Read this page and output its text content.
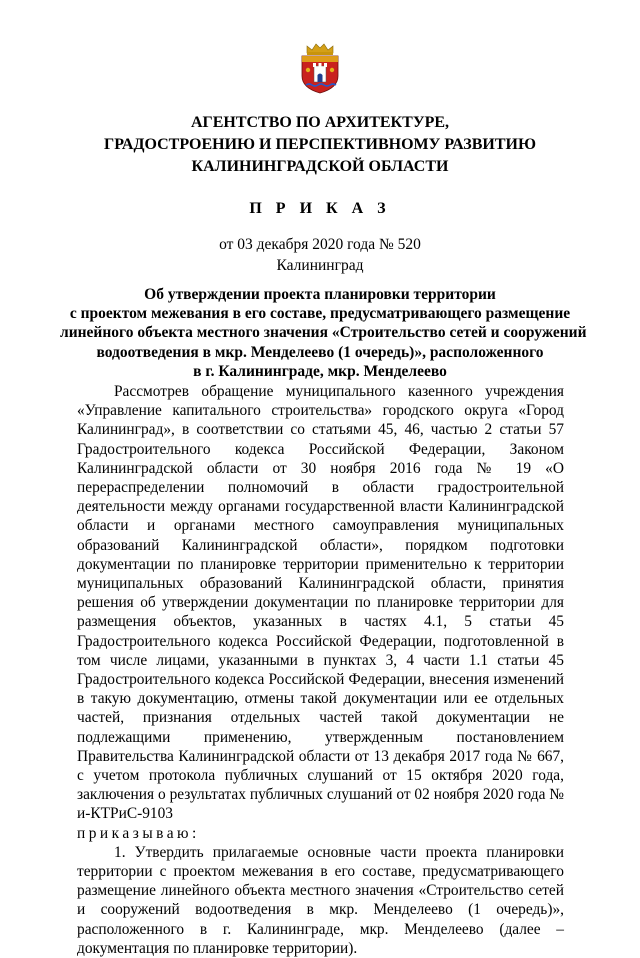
АГЕНТСТВО ПО АРХИТЕКТУРЕ,
ГРАДОСТРОЕНИЮ И ПЕРСПЕКТИВНОМУ РАЗВИТИЮ
КАЛИНИНГРАДСКОЙ ОБЛАСТИ
П Р И К А З
от 03 декабря 2020 года № 520
Калининград
Об утверждении проекта планировки территории
с проектом межевания в его составе, предусматривающего размещение
линейного объекта местного значения «Строительство сетей и сооружений
водоотведения в мкр. Менделеево (1 очередь)», расположенного
в г. Калининграде, мкр. Менделеево

Рассмотрев обращение муниципального казенного учреждения «Управление капитального строительства» городского округа «Город Калининград», в соответствии со статьями 45, 46, частью 2 статьи 57 Градостроительного кодекса Российской Федерации, Законом Калининградской области от 30 ноября 2016 года № 19 «О перераспределении полномочий в области градостроительной деятельности между органами государственной власти Калининградской области и органами местного самоуправления муниципальных образований Калининградской области», порядком подготовки документации по планировке территории применительно к территории муниципальных образований Калининградской области, принятия решения об утверждении документации по планировке территории для размещения объектов, указанных в частях 4.1, 5 статьи 45 Градостроительного кодекса Российской Федерации, подготовленной в том числе лицами, указанными в пунктах 3, 4 части 1.1 статьи 45 Градостроительного кодекса Российской Федерации, внесения изменений в такую документацию, отмены такой документации или ее отдельных частей, признания отдельных частей такой документации не подлежащими применению, утвержденным постановлением Правительства Калининградской области от 13 декабря 2017 года № 667, с учетом протокола публичных слушаний от 15 октября 2020 года, заключения о результатах публичных слушаний от 02 ноября 2020 года № и-КТРиС-9103

приказываю:

1. Утвердить прилагаемые основные части проекта планировки территории с проектом межевания в его составе, предусматривающего размещение линейного объекта местного значения «Строительство сетей и сооружений водоотведения в мкр. Менделеево (1 очередь)», расположенного в г. Калининграде, мкр. Менделеево (далее – документация по планировке территории).
